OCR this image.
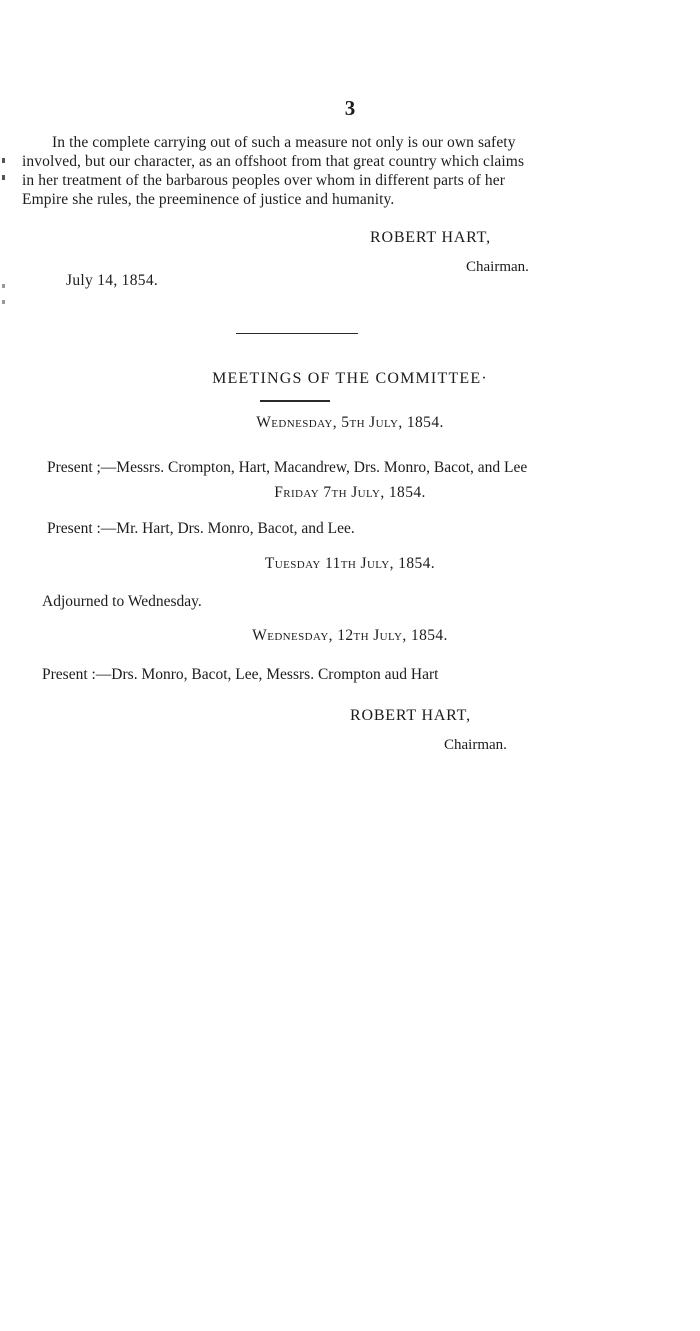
3
In the complete carrying out of such a measure not only is our own safety
involved, but our character, as an offshoot from that great country which claims
in her treatment of the barbarous peoples over whom in different parts of her
Empire she rules, the preeminence of justice and humanity.
ROBERT HART,
Chairman.
July 14, 1854.
MEETINGS OF THE COMMITTEE·
Wednesday, 5th July, 1854.
Present ;—Messrs. Crompton, Hart, Macandrew, Drs. Monro, Bacot, and Lee
Friday 7th July, 1854.
Present :—Mr. Hart, Drs. Monro, Bacot, and Lee.
Tuesday 11th July, 1854.
Adjourned to Wednesday.
Wednesday, 12th July, 1854.
Present :—Drs. Monro, Bacot, Lee, Messrs. Crompton aud Hart
ROBERT HART,
Chairman.
